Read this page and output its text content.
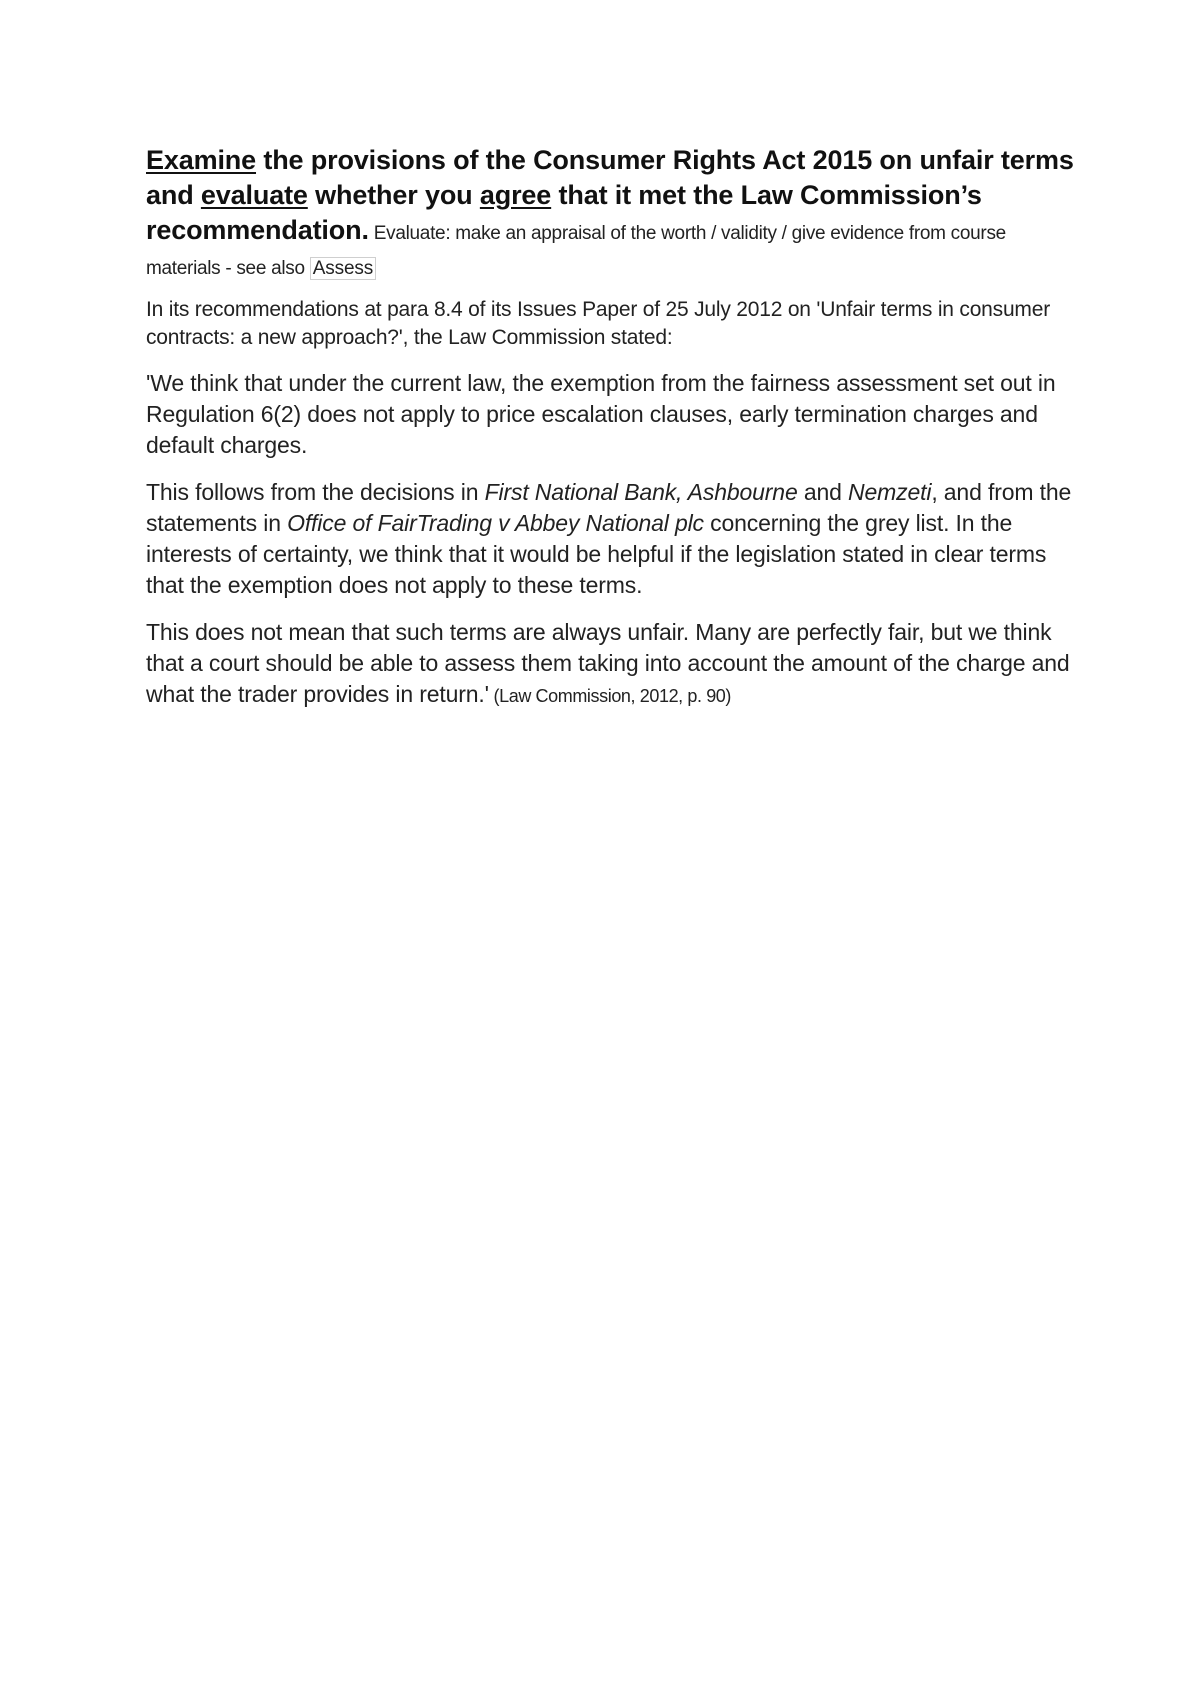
Examine the provisions of the Consumer Rights Act 2015 on unfair terms and evaluate whether you agree that it met the Law Commission’s recommendation. Evaluate: make an appraisal of the worth / validity / give evidence from course materials - see also Assess

In its recommendations at para 8.4 of its Issues Paper of 25 July 2012 on 'Unfair terms in consumer contracts: a new approach?', the Law Commission stated:

'We think that under the current law, the exemption from the fairness assessment set out in Regulation 6(2) does not apply to price escalation clauses, early termination charges and default charges.

This follows from the decisions in First National Bank, Ashbourne and Nemzeti, and from the statements in Office of FairTrading v Abbey National plc concerning the grey list. In the interests of certainty, we think that it would be helpful if the legislation stated in clear terms that the exemption does not apply to these terms.

This does not mean that such terms are always unfair. Many are perfectly fair, but we think that a court should be able to assess them taking into account the amount of the charge and what the trader provides in return.' (Law Commission, 2012, p. 90)
